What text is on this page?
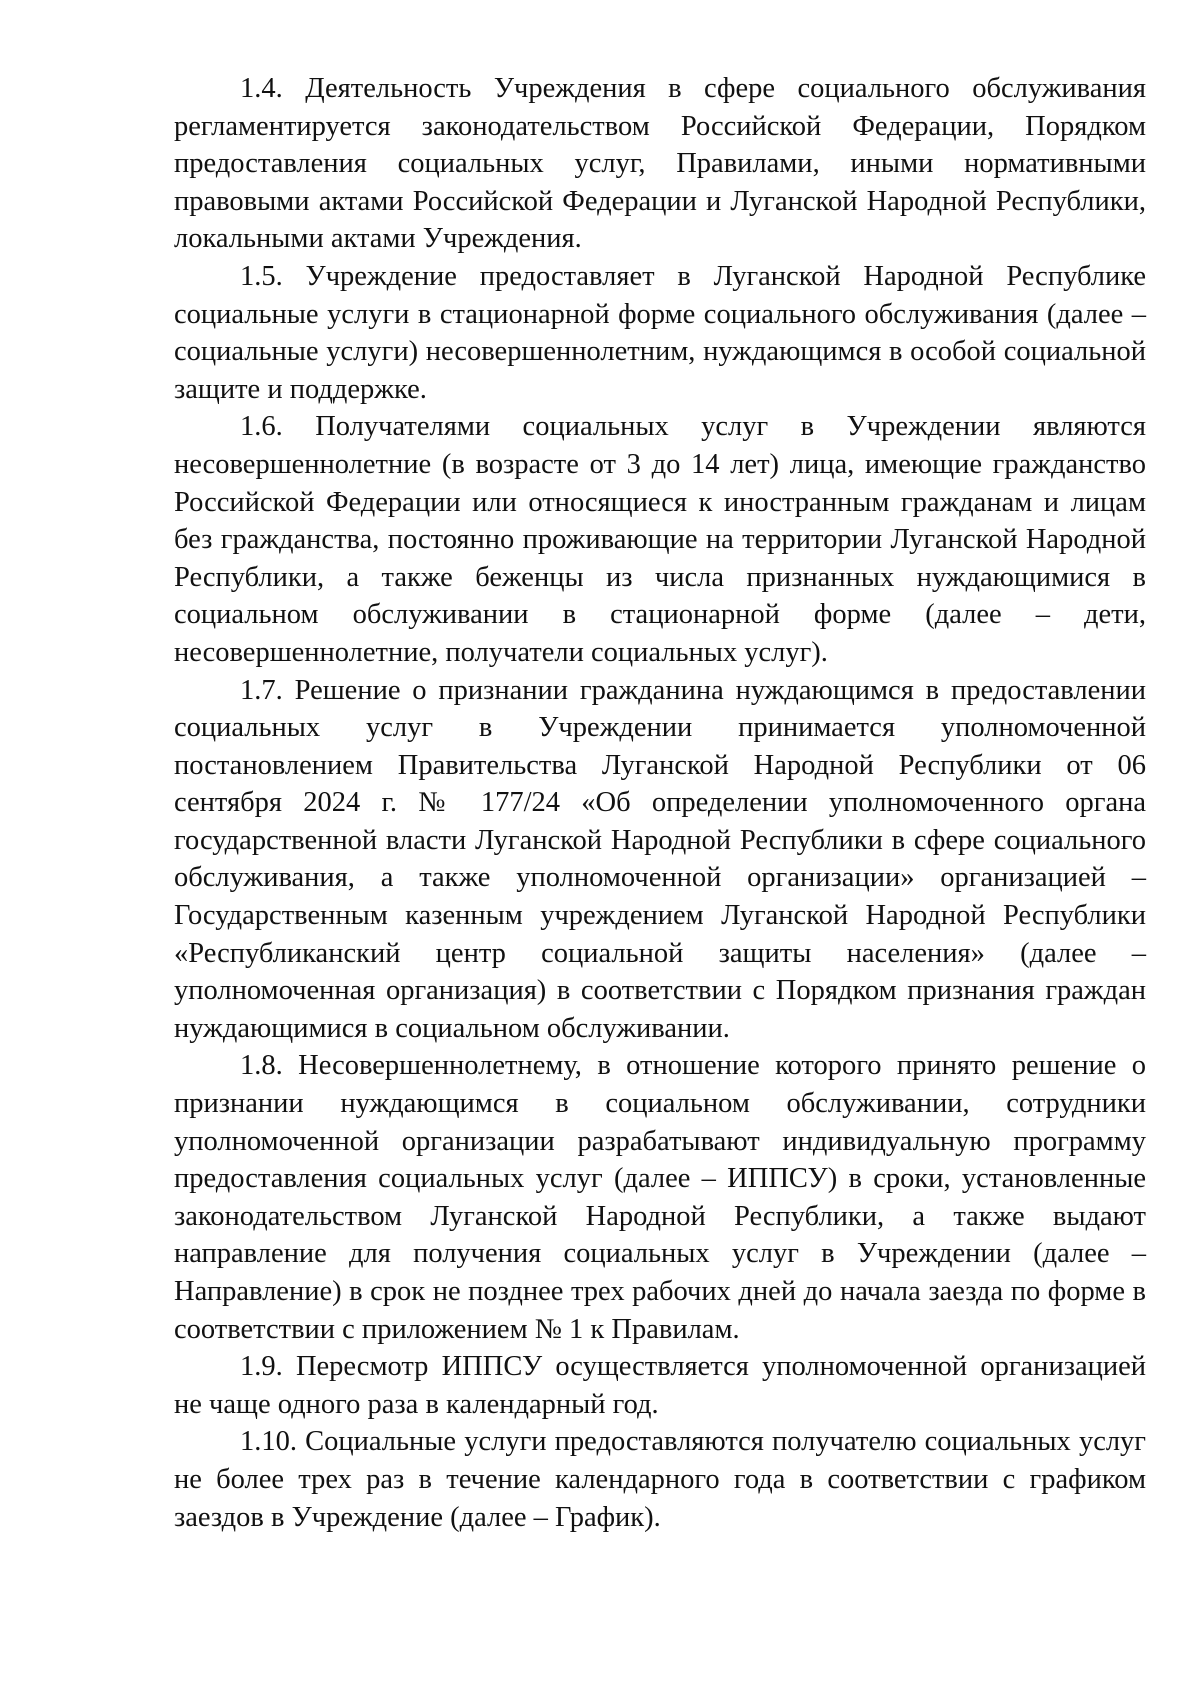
1.4. Деятельность Учреждения в сфере социального обслуживания регламентируется законодательством Российской Федерации, Порядком предоставления социальных услуг, Правилами, иными нормативными правовыми актами Российской Федерации и Луганской Народной Республики, локальными актами Учреждения.

1.5. Учреждение предоставляет в Луганской Народной Республике социальные услуги в стационарной форме социального обслуживания (далее – социальные услуги) несовершеннолетним, нуждающимся в особой социальной защите и поддержке.

1.6. Получателями социальных услуг в Учреждении являются несовершеннолетние (в возрасте от 3 до 14 лет) лица, имеющие гражданство Российской Федерации или относящиеся к иностранным гражданам и лицам без гражданства, постоянно проживающие на территории Луганской Народной Республики, а также беженцы из числа признанных нуждающимися в социальном обслуживании в стационарной форме (далее – дети, несовершеннолетние, получатели социальных услуг).

1.7. Решение о признании гражданина нуждающимся в предоставлении социальных услуг в Учреждении принимается уполномоченной постановлением Правительства Луганской Народной Республики от 06 сентября 2024 г. № 177/24 «Об определении уполномоченного органа государственной власти Луганской Народной Республики в сфере социального обслуживания, а также уполномоченной организации» организацией – Государственным казенным учреждением Луганской Народной Республики «Республиканский центр социальной защиты населения» (далее – уполномоченная организация) в соответствии с Порядком признания граждан нуждающимися в социальном обслуживании.

1.8. Несовершеннолетнему, в отношение которого принято решение о признании нуждающимся в социальном обслуживании, сотрудники уполномоченной организации разрабатывают индивидуальную программу предоставления социальных услуг (далее – ИППСУ) в сроки, установленные законодательством Луганской Народной Республики, а также выдают направление для получения социальных услуг в Учреждении (далее – Направление) в срок не позднее трех рабочих дней до начала заезда по форме в соответствии с приложением № 1 к Правилам.

1.9. Пересмотр ИППСУ осуществляется уполномоченной организацией не чаще одного раза в календарный год.

1.10. Социальные услуги предоставляются получателю социальных услуг не более трех раз в течение календарного года в соответствии с графиком заездов в Учреждение (далее – График).
